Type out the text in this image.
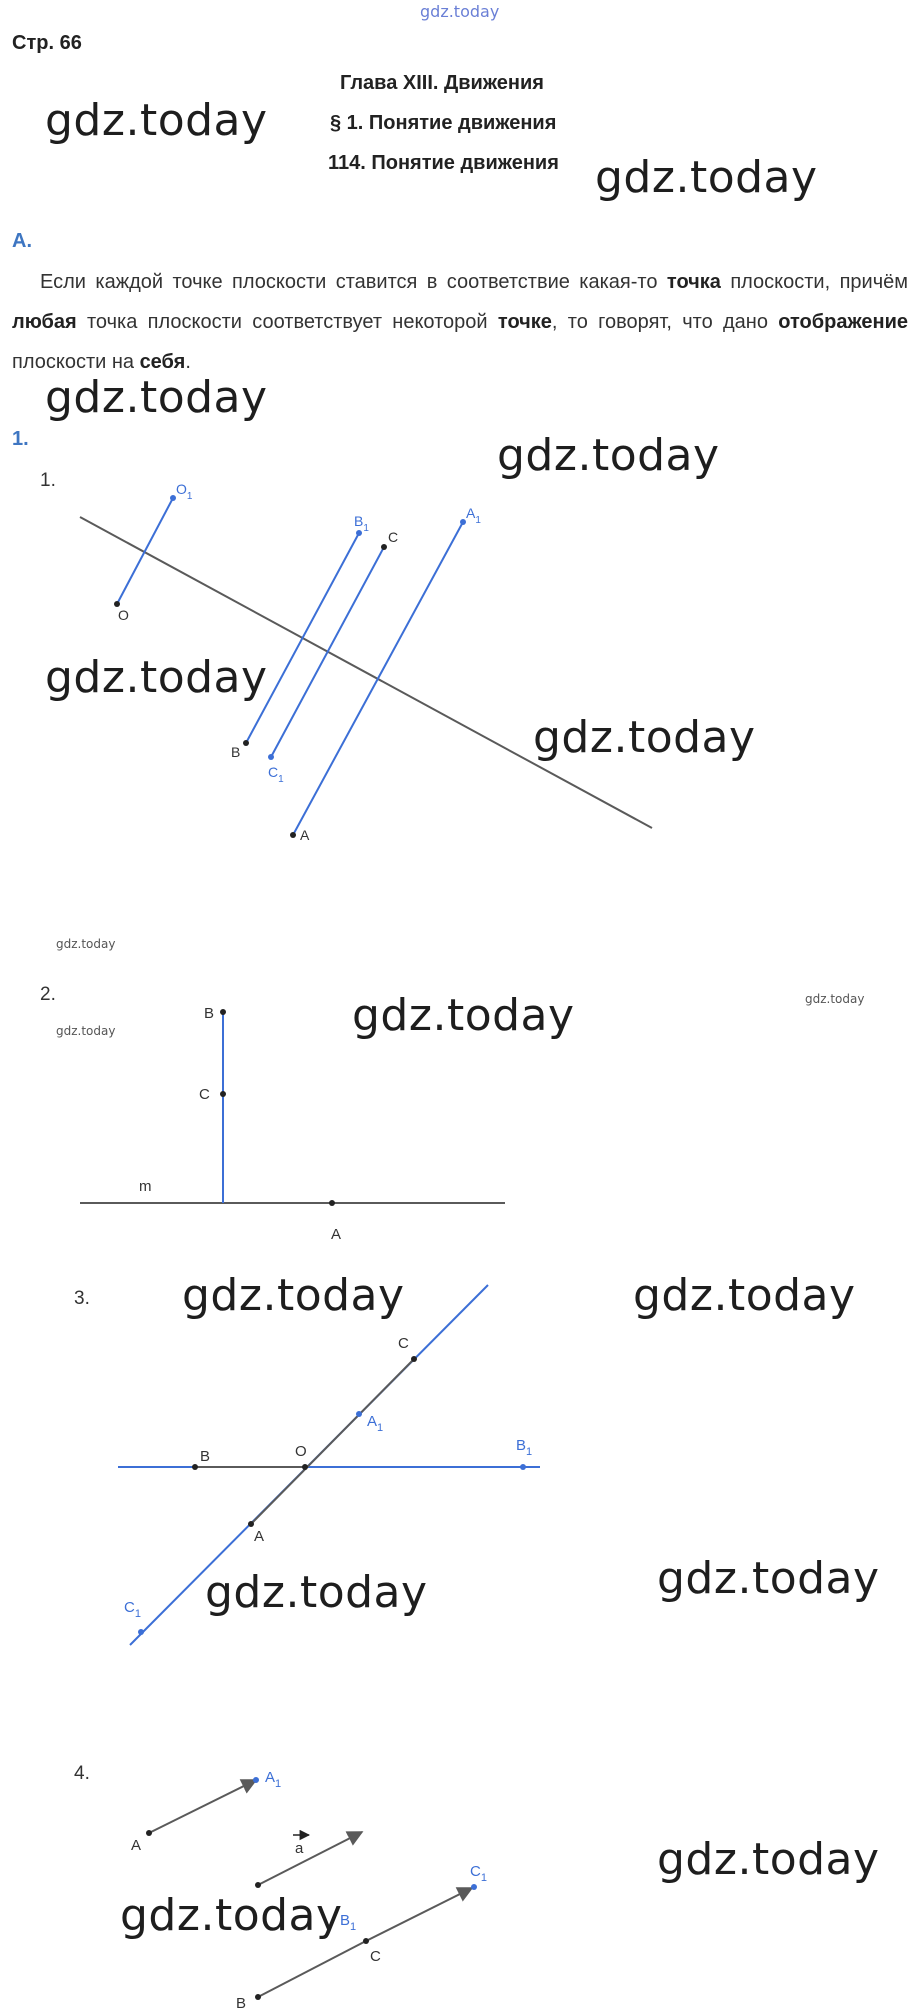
gdz.today
Стр. 66
Глава XIII. Движения
§ 1. Понятие движения
114. Понятие движения
gdz.today
gdz.today
gdz.today
gdz.today
gdz.today
gdz.today
gdz.today
gdz.today	gdz.today
gdz.today	gdz.today
gdz.today
gdz.today
gdz.today
gdz.today
gdz.today
А.
Если каждой точке плоскости ставится в соответствие какая-то точка плоскости, причём любая точка плоскости соответствует некоторой точке, то говорят, что дано отображение плоскости на себя.
1.
1.
2.
3.
4.
O
$O_1$
B
$B_1$
C
$C_1$
A
$A_1$
B
C
m
A
C
$A_1$
B	O	$B_1$
A
$C_1$
A
$A_1$
a
$B_1$
C
$C_1$
B
